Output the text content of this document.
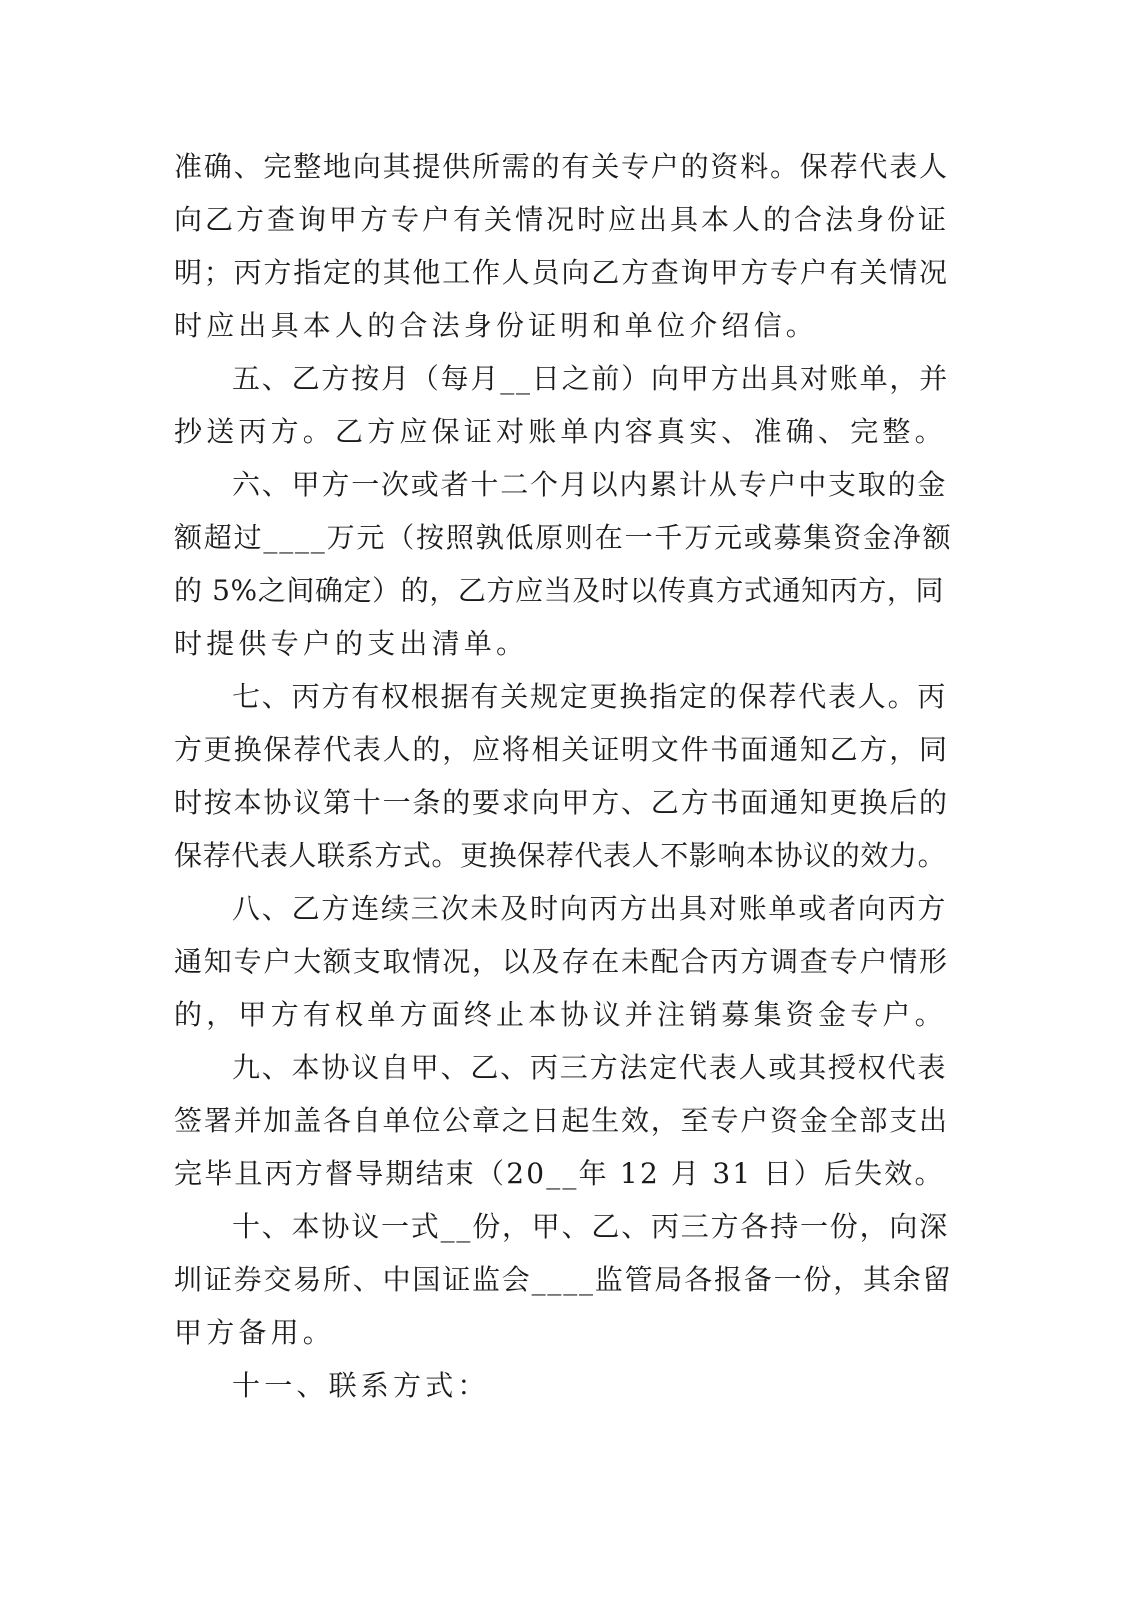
准确、完整地向其提供所需的有关专户的资料。保荐代表人
向乙方查询甲方专户有关情况时应出具本人的合法身份证
明；丙方指定的其他工作人员向乙方查询甲方专户有关情况
时应出具本人的合法身份证明和单位介绍信。
五、乙方按月（每月__日之前）向甲方出具对账单，并
抄送丙方。乙方应保证对账单内容真实、准确、完整。
六、甲方一次或者十二个月以内累计从专户中支取的金
额超过____万元（按照孰低原则在一千万元或募集资金净额
的 5%之间确定）的，乙方应当及时以传真方式通知丙方，同
时提供专户的支出清单。
七、丙方有权根据有关规定更换指定的保荐代表人。丙
方更换保荐代表人的，应将相关证明文件书面通知乙方，同
时按本协议第十一条的要求向甲方、乙方书面通知更换后的
保荐代表人联系方式。更换保荐代表人不影响本协议的效力。
八、乙方连续三次未及时向丙方出具对账单或者向丙方
通知专户大额支取情况，以及存在未配合丙方调查专户情形
的，甲方有权单方面终止本协议并注销募集资金专户。
九、本协议自甲、乙、丙三方法定代表人或其授权代表
签署并加盖各自单位公章之日起生效，至专户资金全部支出
完毕且丙方督导期结束（20__年 12 月 31 日）后失效。
十、本协议一式__份，甲、乙、丙三方各持一份，向深
圳证券交易所、中国证监会____监管局各报备一份，其余留
甲方备用。
十一、联系方式：
